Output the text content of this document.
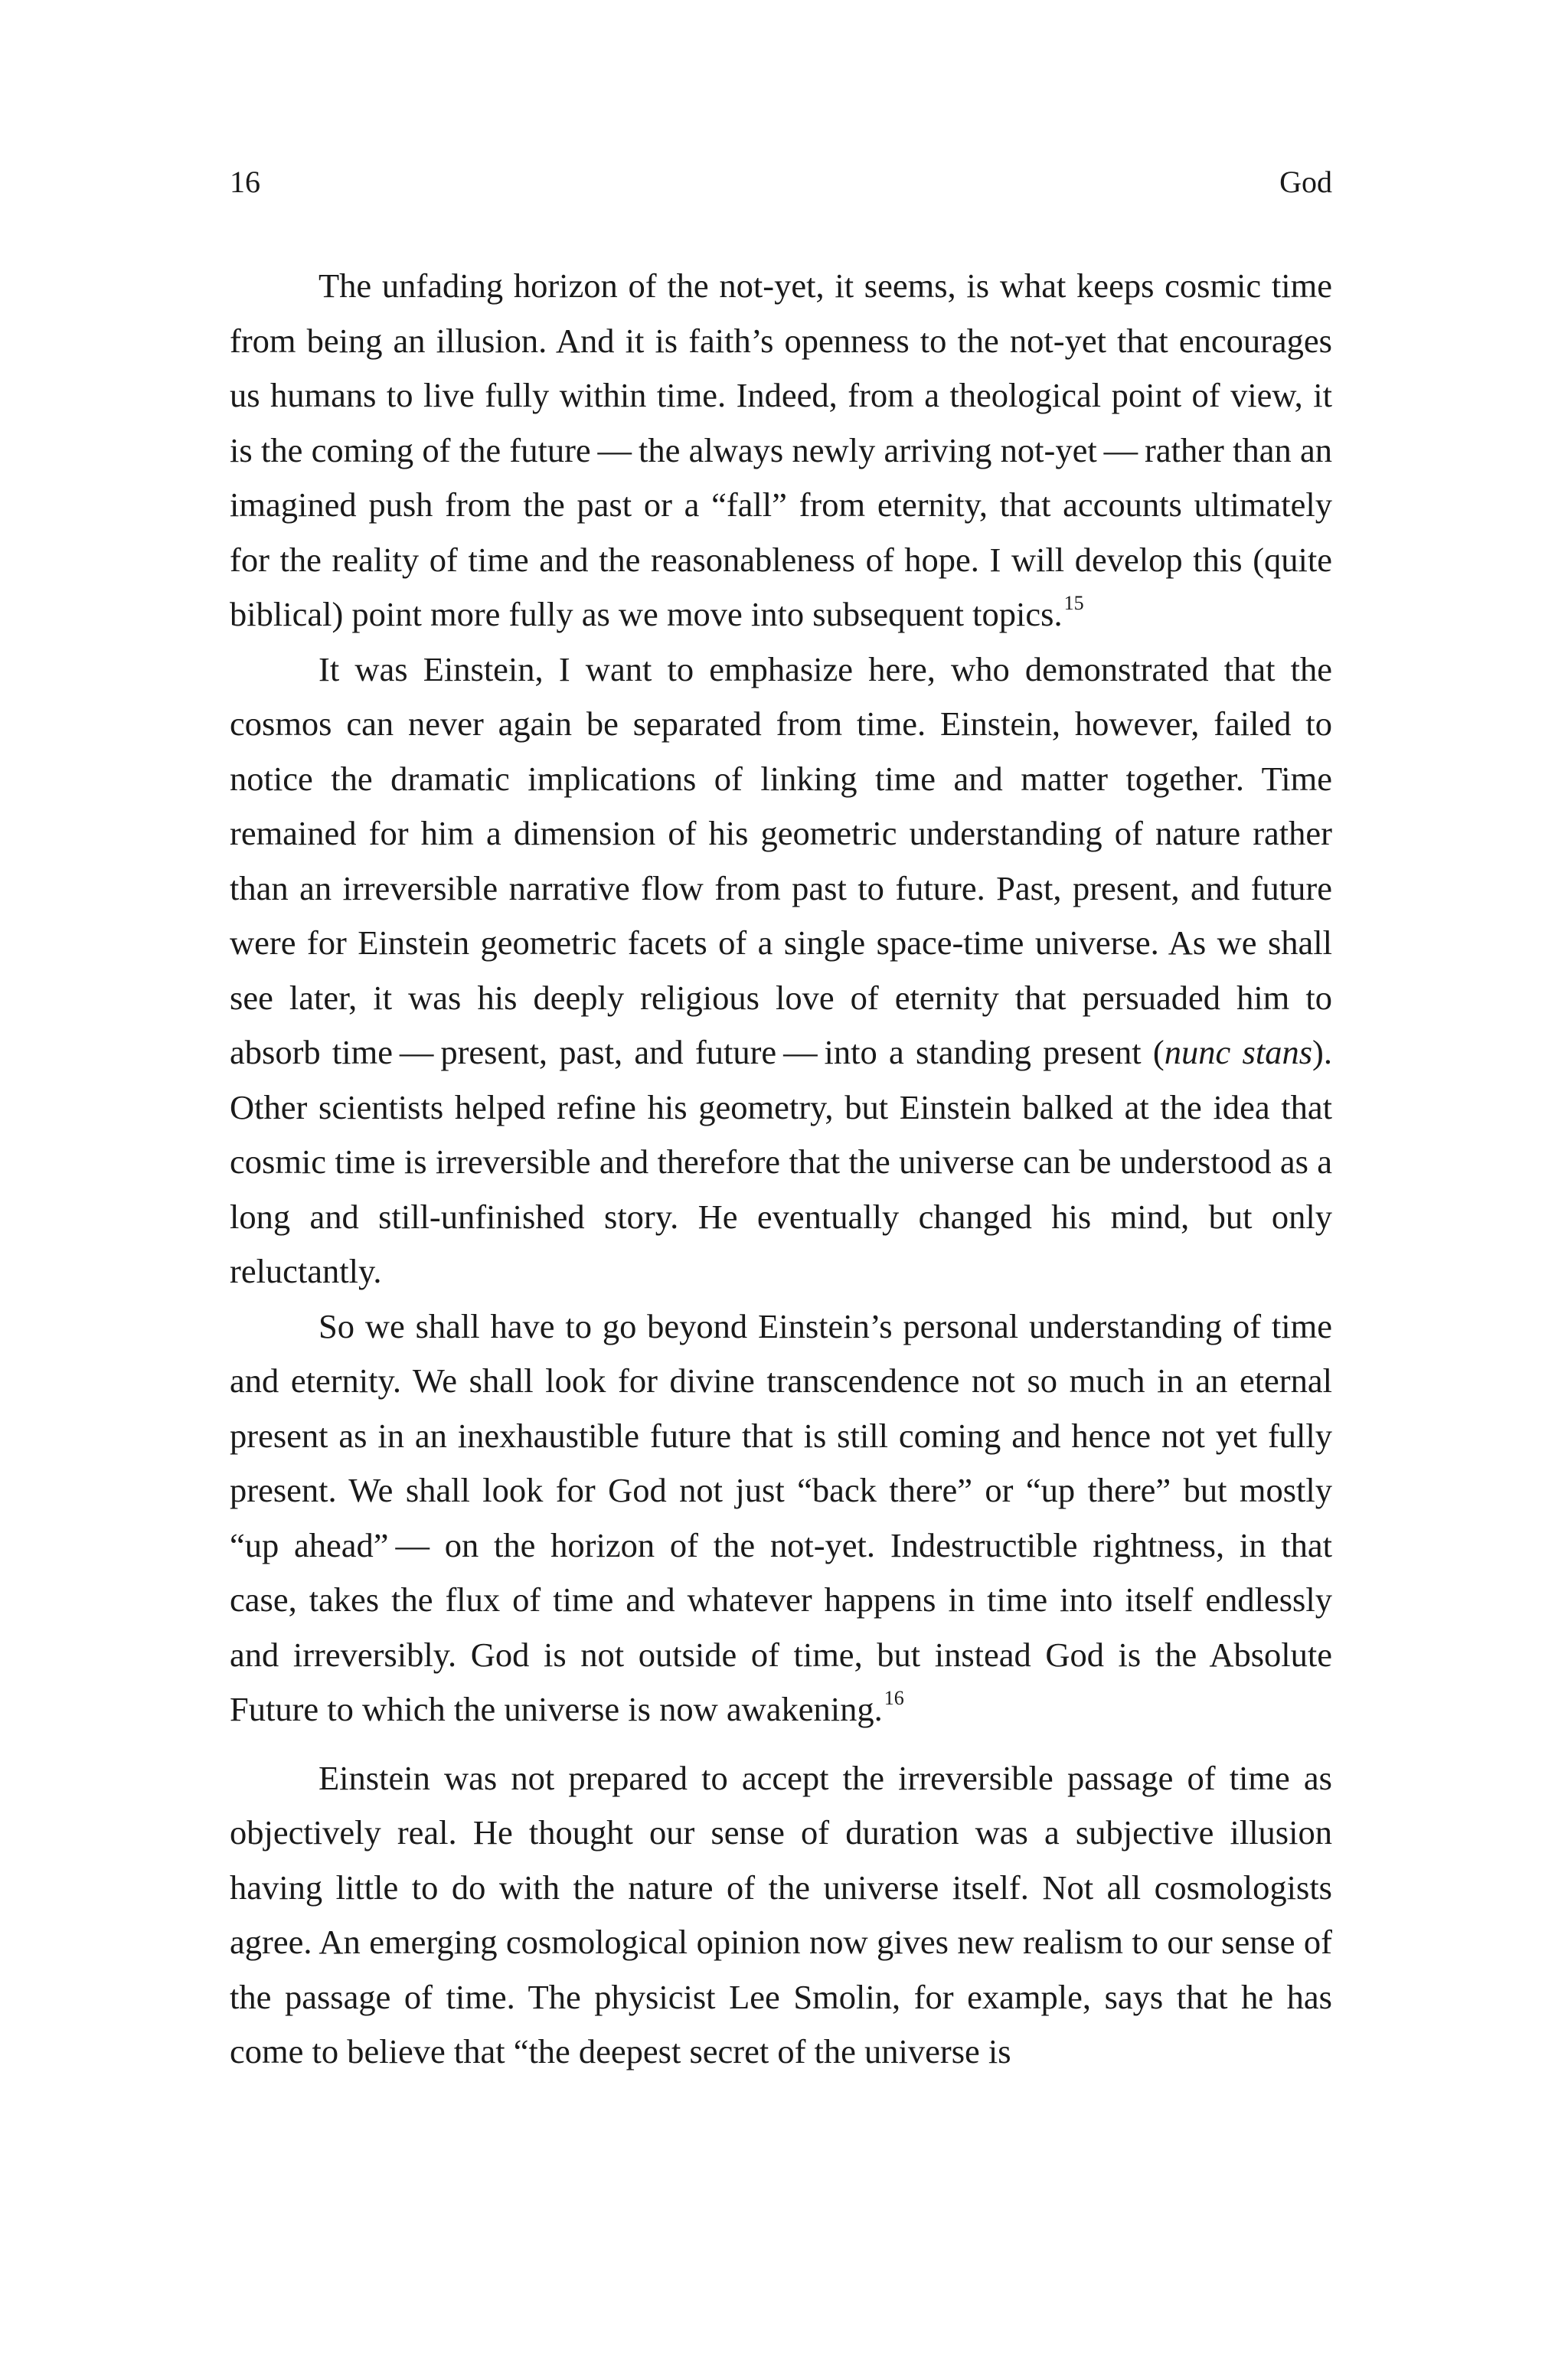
16	God

The unfading horizon of the not-yet, it seems, is what keeps cosmic time from being an illusion. And it is faith’s openness to the not-yet that encourages us humans to live fully within time. Indeed, from a theological point of view, it is the coming of the future — the always newly arriving not-yet — rather than an imagined push from the past or a “fall” from eternity, that accounts ultimately for the reality of time and the reasonableness of hope. I will develop this (quite biblical) point more fully as we move into subsequent topics.$^{15}$

It was Einstein, I want to emphasize here, who demonstrated that the cosmos can never again be separated from time. Einstein, however, failed to notice the dramatic implications of linking time and matter together. Time remained for him a dimension of his geometric understanding of nature rather than an irreversible narrative flow from past to future. Past, present, and future were for Einstein geometric facets of a single space-time universe. As we shall see later, it was his deeply religious love of eternity that persuaded him to absorb time — present, past, and future — into a standing present (nunc stans). Other scientists helped refine his geometry, but Einstein balked at the idea that cosmic time is irreversible and therefore that the universe can be understood as a long and still-unfinished story. He eventually changed his mind, but only reluctantly.

So we shall have to go beyond Einstein’s personal understanding of time and eternity. We shall look for divine transcendence not so much in an eternal present as in an inexhaustible future that is still coming and hence not yet fully present. We shall look for God not just “back there” or “up there” but mostly “up ahead” — on the horizon of the not-yet. Indestructible rightness, in that case, takes the flux of time and whatever happens in time into itself endlessly and irreversibly. God is not outside of time, but instead God is the Absolute Future to which the universe is now awakening.$^{16}$

Einstein was not prepared to accept the irreversible passage of time as objectively real. He thought our sense of duration was a subjective illusion having little to do with the nature of the universe itself. Not all cosmologists agree. An emerging cosmological opinion now gives new realism to our sense of the passage of time. The physicist Lee Smolin, for example, says that he has come to believe that “the deepest secret of the universe is
